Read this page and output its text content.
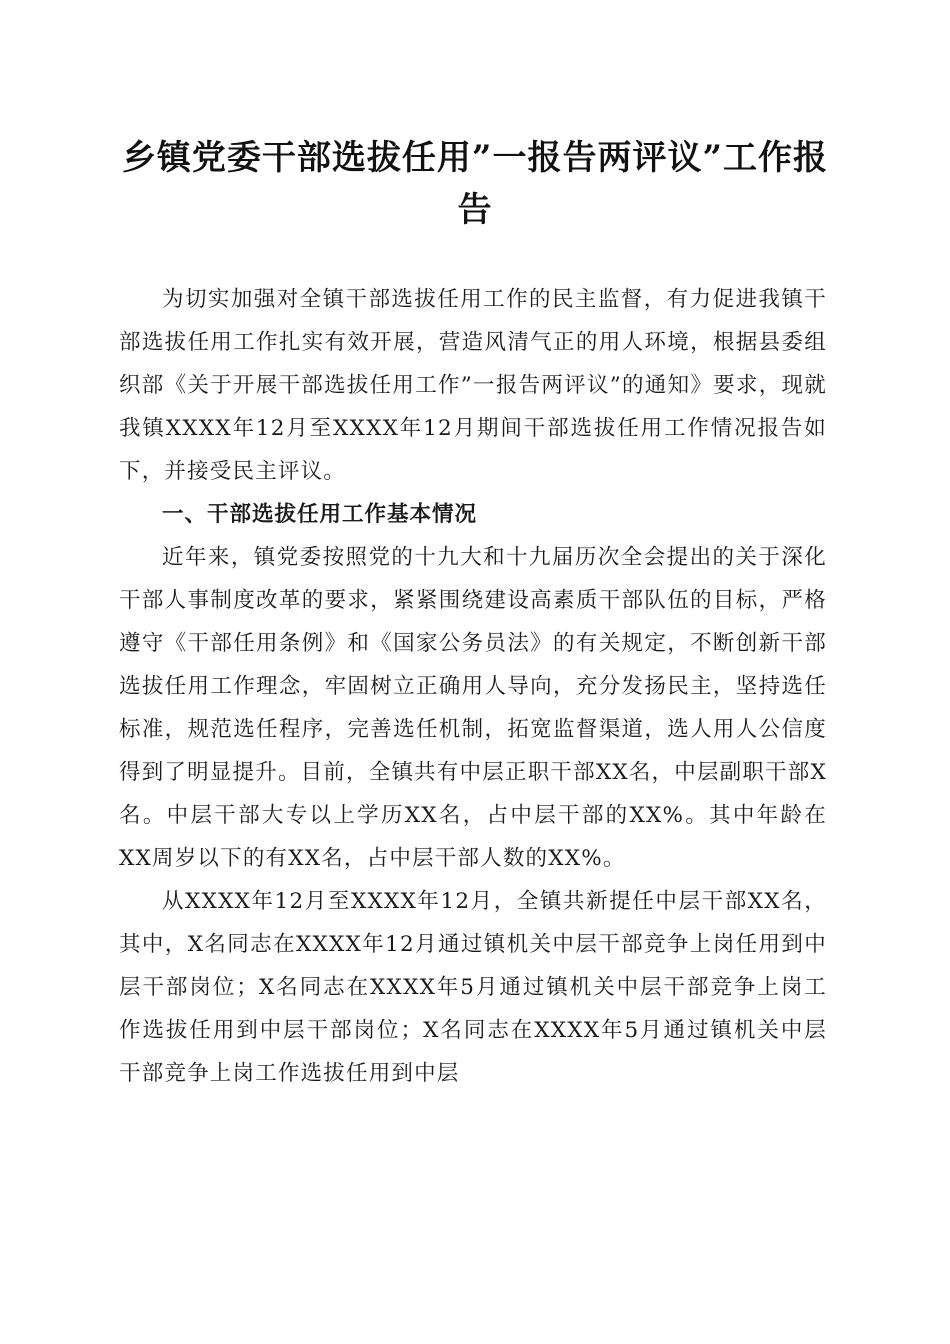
乡镇党委干部选拔任用”一报告两评议”工作报告

为切实加强对全镇干部选拔任用工作的民主监督，有力促进我镇干部选拔任用工作扎实有效开展，营造风清气正的用人环境，根据县委组织部《关于开展干部选拔任用工作”一报告两评议”的通知》要求，现就我镇XXXX年12月至XXXX年12月期间干部选拔任用工作情况报告如下，并接受民主评议。

一、干部选拔任用工作基本情况

近年来，镇党委按照党的十九大和十九届历次全会提出的关于深化干部人事制度改革的要求，紧紧围绕建设高素质干部队伍的目标，严格遵守《干部任用条例》和《国家公务员法》的有关规定，不断创新干部选拔任用工作理念，牢固树立正确用人导向，充分发扬民主，坚持选任标准，规范选任程序，完善选任机制，拓宽监督渠道，选人用人公信度得到了明显提升。目前，全镇共有中层正职干部XX名，中层副职干部X名。中层干部大专以上学历XX名，占中层干部的XX%。其中年龄在XX周岁以下的有XX名，占中层干部人数的XX%。

从XXXX年12月至XXXX年12月，全镇共新提任中层干部XX名，其中，X名同志在XXXX年12月通过镇机关中层干部竞争上岗任用到中层干部岗位；X名同志在XXXX年5月通过镇机关中层干部竞争上岗工作选拔任用到中层干部岗位；X名同志在XXXX年5月通过镇机关中层干部竞争上岗工作选拔任用到中层
